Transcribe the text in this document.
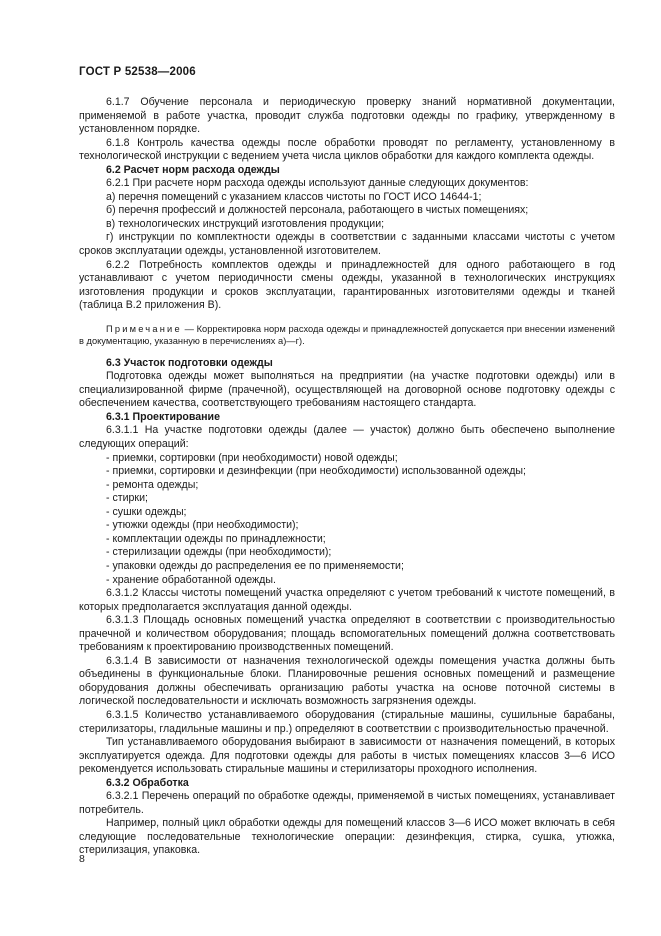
ГОСТ Р 52538—2006

6.1.7 Обучение персонала и периодическую проверку знаний нормативной документации, применяемой в работе участка, проводит служба подготовки одежды по графику, утвержденному в установленном порядке.

6.1.8 Контроль качества одежды после обработки проводят по регламенту, установленному в технологической инструкции с ведением учета числа циклов обработки для каждого комплекта одежды.

6.2 Расчет норм расхода одежды

6.2.1 При расчете норм расхода одежды используют данные следующих документов:

а) перечня помещений с указанием классов чистоты по ГОСТ ИСО 14644-1;

б) перечня профессий и должностей персонала, работающего в чистых помещениях;

в) технологических инструкций изготовления продукции;

г) инструкции по комплектности одежды в соответствии с заданными классами чистоты с учетом сроков эксплуатации одежды, установленной изготовителем.

6.2.2 Потребность комплектов одежды и принадлежностей для одного работающего в год устанавливают с учетом периодичности смены одежды, указанной в технологических инструкциях изготовления продукции и сроков эксплуатации, гарантированных изготовителями одежды и тканей (таблица В.2 приложения В).

Примечание — Корректировка норм расхода одежды и принадлежностей допускается при внесении изменений в документацию, указанную в перечислениях а)—г).

6.3 Участок подготовки одежды

Подготовка одежды может выполняться на предприятии (на участке подготовки одежды) или в специализированной фирме (прачечной), осуществляющей на договорной основе подготовку одежды с обеспечением качества, соответствующего требованиям настоящего стандарта.

6.3.1 Проектирование

6.3.1.1 На участке подготовки одежды (далее — участок) должно быть обеспечено выполнение следующих операций:

- приемки, сортировки (при необходимости) новой одежды;

- приемки, сортировки и дезинфекции (при необходимости) использованной одежды;

- ремонта одежды;

- стирки;

- сушки одежды;

- утюжки одежды (при необходимости);

- комплектации одежды по принадлежности;

- стерилизации одежды (при необходимости);

- упаковки одежды до распределения ее по применяемости;

- хранение обработанной одежды.

6.3.1.2 Классы чистоты помещений участка определяют с учетом требований к чистоте помещений, в которых предполагается эксплуатация данной одежды.

6.3.1.3 Площадь основных помещений участка определяют в соответствии с производительностью прачечной и количеством оборудования; площадь вспомогательных помещений должна соответствовать требованиям к проектированию производственных помещений.

6.3.1.4 В зависимости от назначения технологической одежды помещения участка должны быть объединены в функциональные блоки. Планировочные решения основных помещений и размещение оборудования должны обеспечивать организацию работы участка на основе поточной системы в логической последовательности и исключать возможность загрязнения одежды.

6.3.1.5 Количество устанавливаемого оборудования (стиральные машины, сушильные барабаны, стерилизаторы, гладильные машины и пр.) определяют в соответствии с производительностью прачечной.

Тип устанавливаемого оборудования выбирают в зависимости от назначения помещений, в которых эксплуатируется одежда. Для подготовки одежды для работы в чистых помещениях классов 3—6 ИСО рекомендуется использовать стиральные машины и стерилизаторы проходного исполнения.

6.3.2 Обработка

6.3.2.1 Перечень операций по обработке одежды, применяемой в чистых помещениях, устанавливает потребитель.

Например, полный цикл обработки одежды для помещений классов 3—6 ИСО может включать в себя следующие последовательные технологические операции: дезинфекция, стирка, сушка, утюжка, стерилизация, упаковка.

8
